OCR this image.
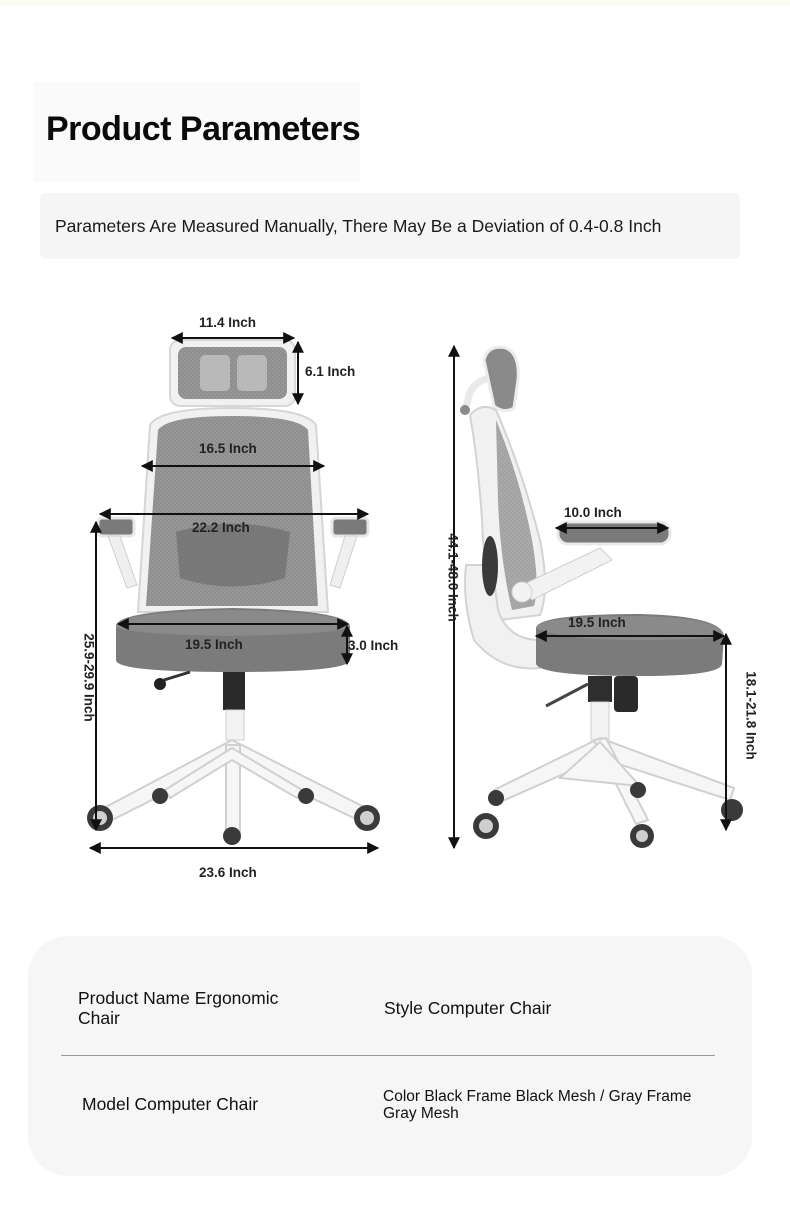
Product Parameters
Parameters Are Measured Manually, There May Be a Deviation of 0.4-0.8 Inch
11.4 Inch
6.1 Inch
16.5 Inch
22.2 Inch
19.5 Inch	3.0 Inch
25.9-29.9 Inch
23.6 Inch
44.1-48.0 Inch
10.0 Inch
19.5 Inch
18.1-21.8 Inch
Product Name Ergonomic Chair	Style Computer Chair
Model Computer Chair	Color Black Frame Black Mesh / Gray Frame Gray Mesh
